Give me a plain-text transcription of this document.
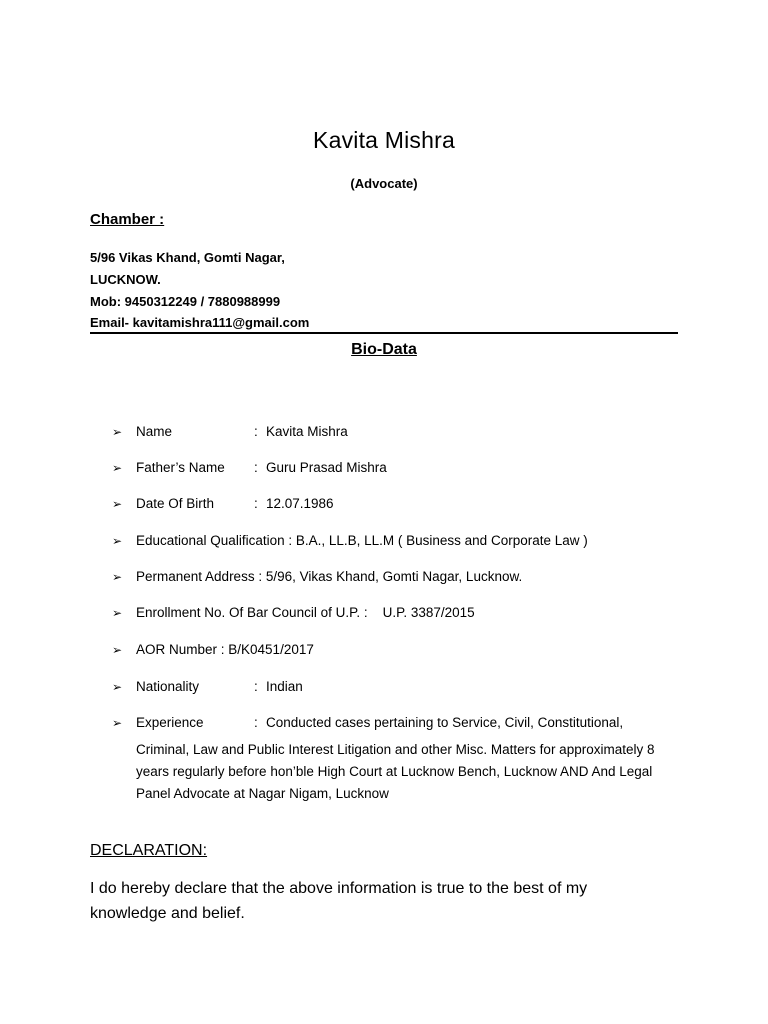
Kavita Mishra
(Advocate)
Chamber :
5/96 Vikas Khand, Gomti Nagar,
LUCKNOW.
Mob: 9450312249 / 7880988999
Email- kavitamishra111@gmail.com
Bio-Data
➢ Name	: Kavita Mishra
➢ Father’s Name : Guru Prasad Mishra
➢ Date Of Birth	: 12.07.1986
➢ Educational Qualification : B.A., LL.B, LL.M ( Business and Corporate Law )
➢ Permanent Address : 5/96, Vikas Khand, Gomti Nagar, Lucknow.
➢ Enrollment No. Of Bar Council of U.P. :    U.P. 3387/2015
➢ AOR Number : B/K0451/2017
➢ Nationality	: Indian
➢ Experience	: Conducted cases pertaining to Service, Civil, Constitutional,
Criminal, Law and Public Interest Litigation and other Misc. Matters for approximately 8
years regularly before hon’ble High Court at Lucknow Bench, Lucknow AND And Legal
Panel Advocate at Nagar Nigam, Lucknow
DECLARATION:
I do hereby declare that the above information is true to the best of my
knowledge and belief.
